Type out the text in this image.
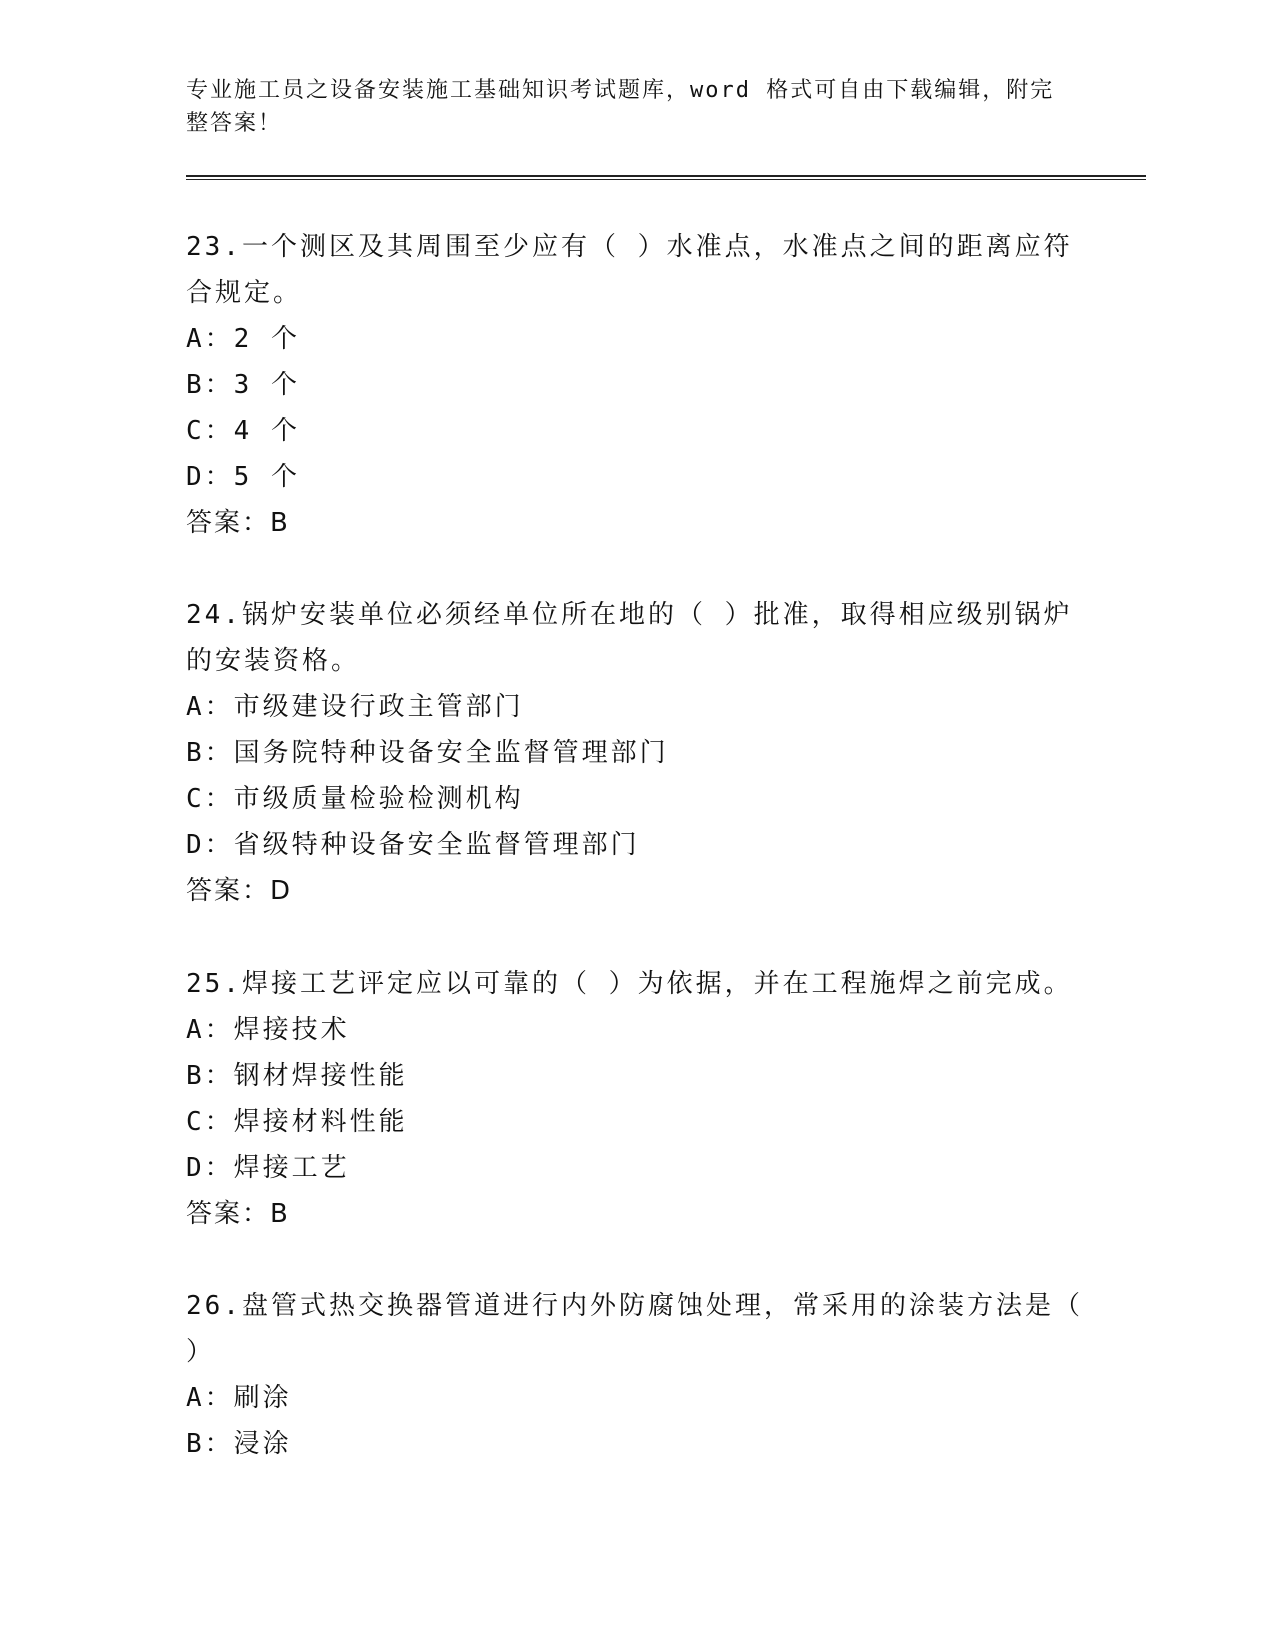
专业施工员之设备安装施工基础知识考试题库，word 格式可自由下载编辑，附完整答案！

23.一个测区及其周围至少应有（ ）水准点，水准点之间的距离应符合规定。

A：2 个

B：3 个

C：4 个

D：5 个

答案：B

24.锅炉安装单位必须经单位所在地的（ ）批准，取得相应级别锅炉的安装资格。

A：市级建设行政主管部门

B：国务院特种设备安全监督管理部门

C：市级质量检验检测机构

D：省级特种设备安全监督管理部门

答案：D

25.焊接工艺评定应以可靠的（ ）为依据，并在工程施焊之前完成。

A：焊接技术

B：钢材焊接性能

C：焊接材料性能

D：焊接工艺

答案：B

26.盘管式热交换器管道进行内外防腐蚀处理，常采用的涂装方法是（ ）

A：刷涂

B：浸涂
